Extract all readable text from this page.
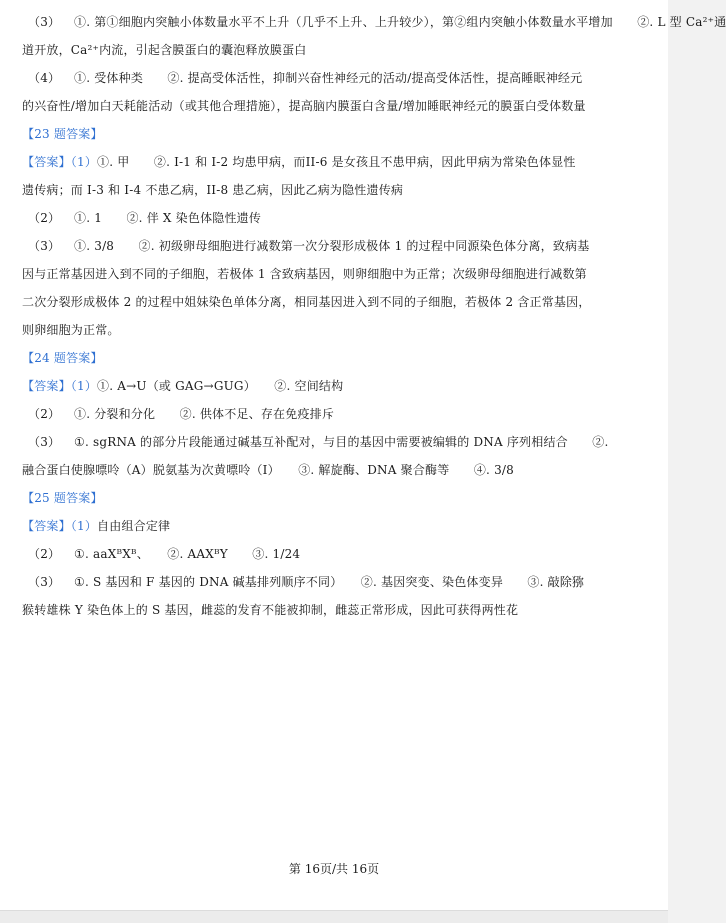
（3） ①. 第①细胞内突触小体数量水平不上升（几乎不上升、上升较少），第②组内突触小体数量水平增加　　②. L 型 Ca²⁺通
道开放，Ca²⁺内流，引起含膜蛋白的囊泡释放膜蛋白
（4） ①. 受体种类　　②. 提高受体活性，抑制兴奋性神经元的活动/提高受体活性，提高睡眠神经元
的兴奋性/增加白天耗能活动（或其他合理措施），提高脑内膜蛋白含量/增加睡眠神经元的膜蛋白受体数量
【23 题答案】
【答案】（1）①. 甲　　②. I-1 和 I-2 均患甲病，而II-6 是女孩且不患甲病，因此甲病为常染色体显性
遗传病；而 I-3 和 I-4 不患乙病，II-8 患乙病，因此乙病为隐性遗传病
（2） ①. 1　　②. 伴 X 染色体隐性遗传
（3） ①. 3/8　　②. 初级卵母细胞进行减数第一次分裂形成极体 1 的过程中同源染色体分离，致病基
因与正常基因进入到不同的子细胞，若极体 1 含致病基因，则卵细胞中为正常；次级卵母细胞进行减数第
二次分裂形成极体 2 的过程中姐妹染色单体分离，相同基因进入到不同的子细胞，若极体 2 含正常基因，
则卵细胞为正常。
【24 题答案】
【答案】（1）①. A→U（或 GAG→GUG）　　②. 空间结构
（2） ①. 分裂和分化　　②. 供体不足、存在免疫排斥
（3） ①. sgRNA 的部分片段能通过碱基互补配对，与目的基因中需要被编辑的 DNA 序列相结合　　②.
融合蛋白使腺嘌呤（A）脱氨基为次黄嘌呤（I）　　③. 解旋酶、DNA 聚合酶等　　④. 3/8
【25 题答案】
【答案】（1）自由组合定律
（2） ①. aaXᴮXᴮ、　　②. AAXᴮY　　③. 1/24
（3） ①. S 基因和 F 基因的 DNA 碱基排列顺序不同）　　②. 基因突变、染色体变异　　③. 敲除猕
猴转雄株 Y 染色体上的 S 基因，雌蕊的发育不能被抑制，雌蕊正常形成，因此可获得两性花
第 16页/共 16页
